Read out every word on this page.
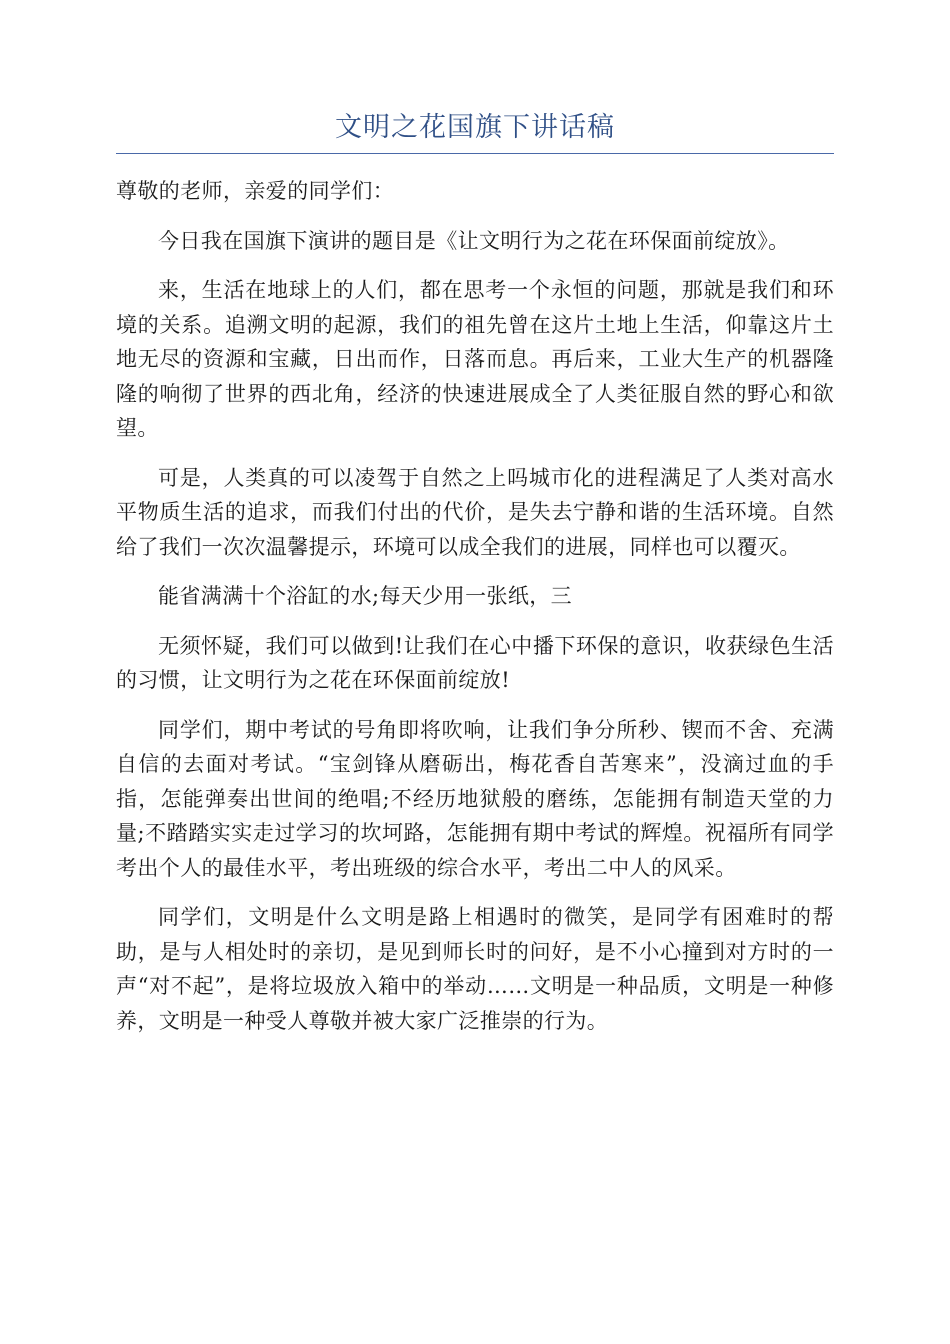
文明之花国旗下讲话稿

尊敬的老师，亲爱的同学们：

今日我在国旗下演讲的题目是《让文明行为之花在环保面前绽放》。

来，生活在地球上的人们，都在思考一个永恒的问题，那就是我们和环境的关系。追溯文明的起源，我们的祖先曾在这片土地上生活，仰靠这片土地无尽的资源和宝藏，日出而作，日落而息。再后来，工业大生产的机器隆隆的响彻了世界的西北角，经济的快速进展成全了人类征服自然的野心和欲望。

可是，人类真的可以凌驾于自然之上吗城市化的进程满足了人类对高水平物质生活的追求，而我们付出的代价，是失去宁静和谐的生活环境。自然给了我们一次次温馨提示，环境可以成全我们的进展，同样也可以覆灭。

能省满满十个浴缸的水;每天少用一张纸，三

无须怀疑，我们可以做到!让我们在心中播下环保的意识，收获绿色生活的习惯，让文明行为之花在环保面前绽放!

同学们，期中考试的号角即将吹响，让我们争分所秒、锲而不舍、充满自信的去面对考试。“宝剑锋从磨砺出，梅花香自苦寒来”，没滴过血的手指，怎能弹奏出世间的绝唱;不经历地狱般的磨练，怎能拥有制造天堂的力量;不踏踏实实走过学习的坎坷路，怎能拥有期中考试的辉煌。祝福所有同学考出个人的最佳水平，考出班级的综合水平，考出二中人的风采。

同学们，文明是什么文明是路上相遇时的微笑，是同学有困难时的帮助，是与人相处时的亲切，是见到师长时的问好，是不小心撞到对方时的一声“对不起”，是将垃圾放入箱中的举动……文明是一种品质，文明是一种修养，文明是一种受人尊敬并被大家广泛推崇的行为。
